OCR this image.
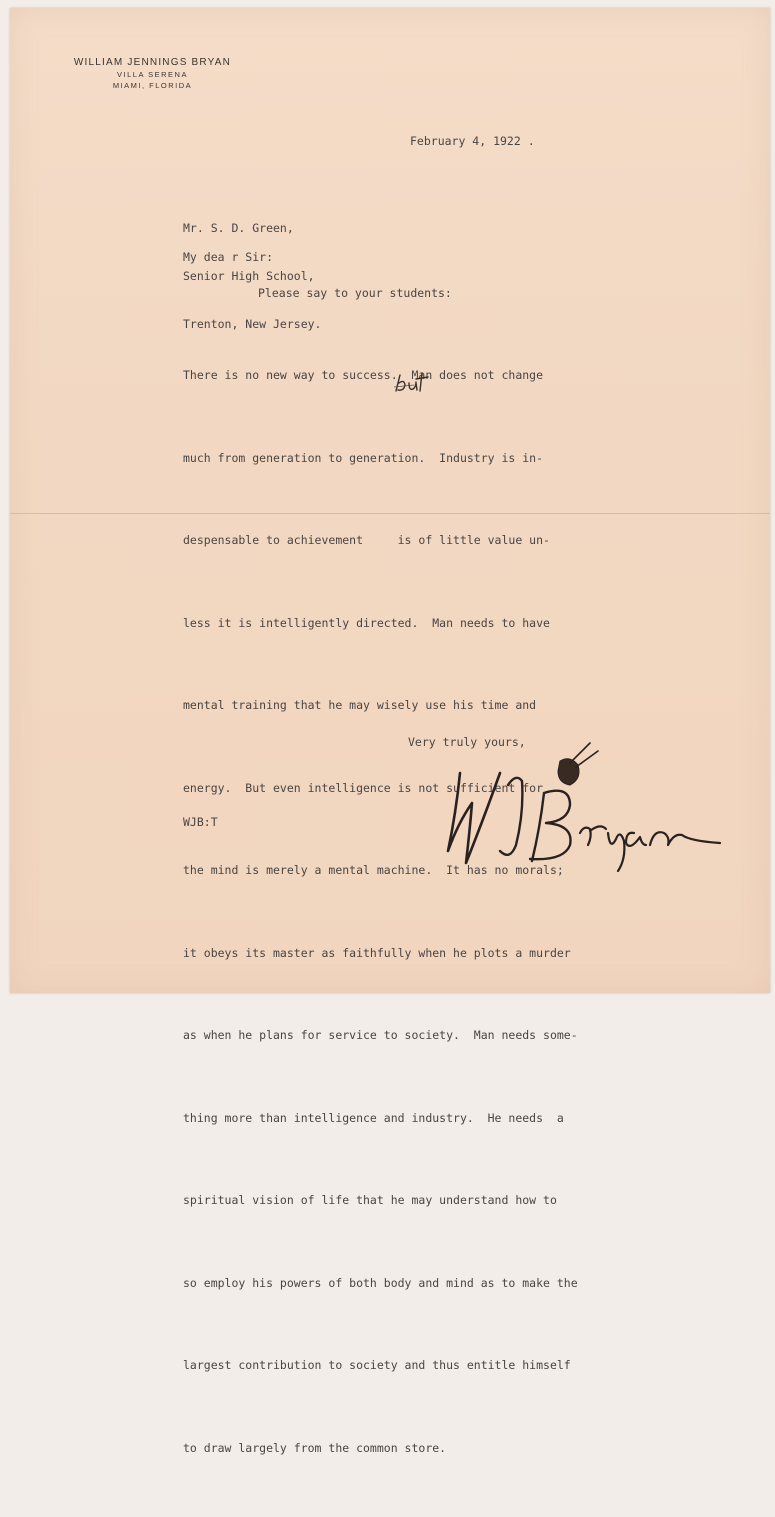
WILLIAM JENNINGS BRYAN
VILLA SERENA
MIAMI, FLORIDA
February 4, 1922 .

Mr. S. D. Green,

Senior High School,

Trenton, New Jersey.

My dea r Sir:
Please say to your students:

There is no new way to success.  Man does not change

much from generation to generation.  Industry is in-

despensable to achievement     is of little value un-

less it is intelligently directed.  Man needs to have

mental training that he may wisely use his time and

energy.  But even intelligence is not sufficient for

the mind is merely a mental machine.  It has no morals;

it obeys its master as faithfully when he plots a murder

as when he plans for service to society.  Man needs some-

thing more than intelligence and industry.  He needs  a

spiritual vision of life that he may understand how to

so employ his powers of both body and mind as to make the

largest contribution to society and thus entitle himself

to draw largely from the common store.

Very truly yours,
WJB:T
